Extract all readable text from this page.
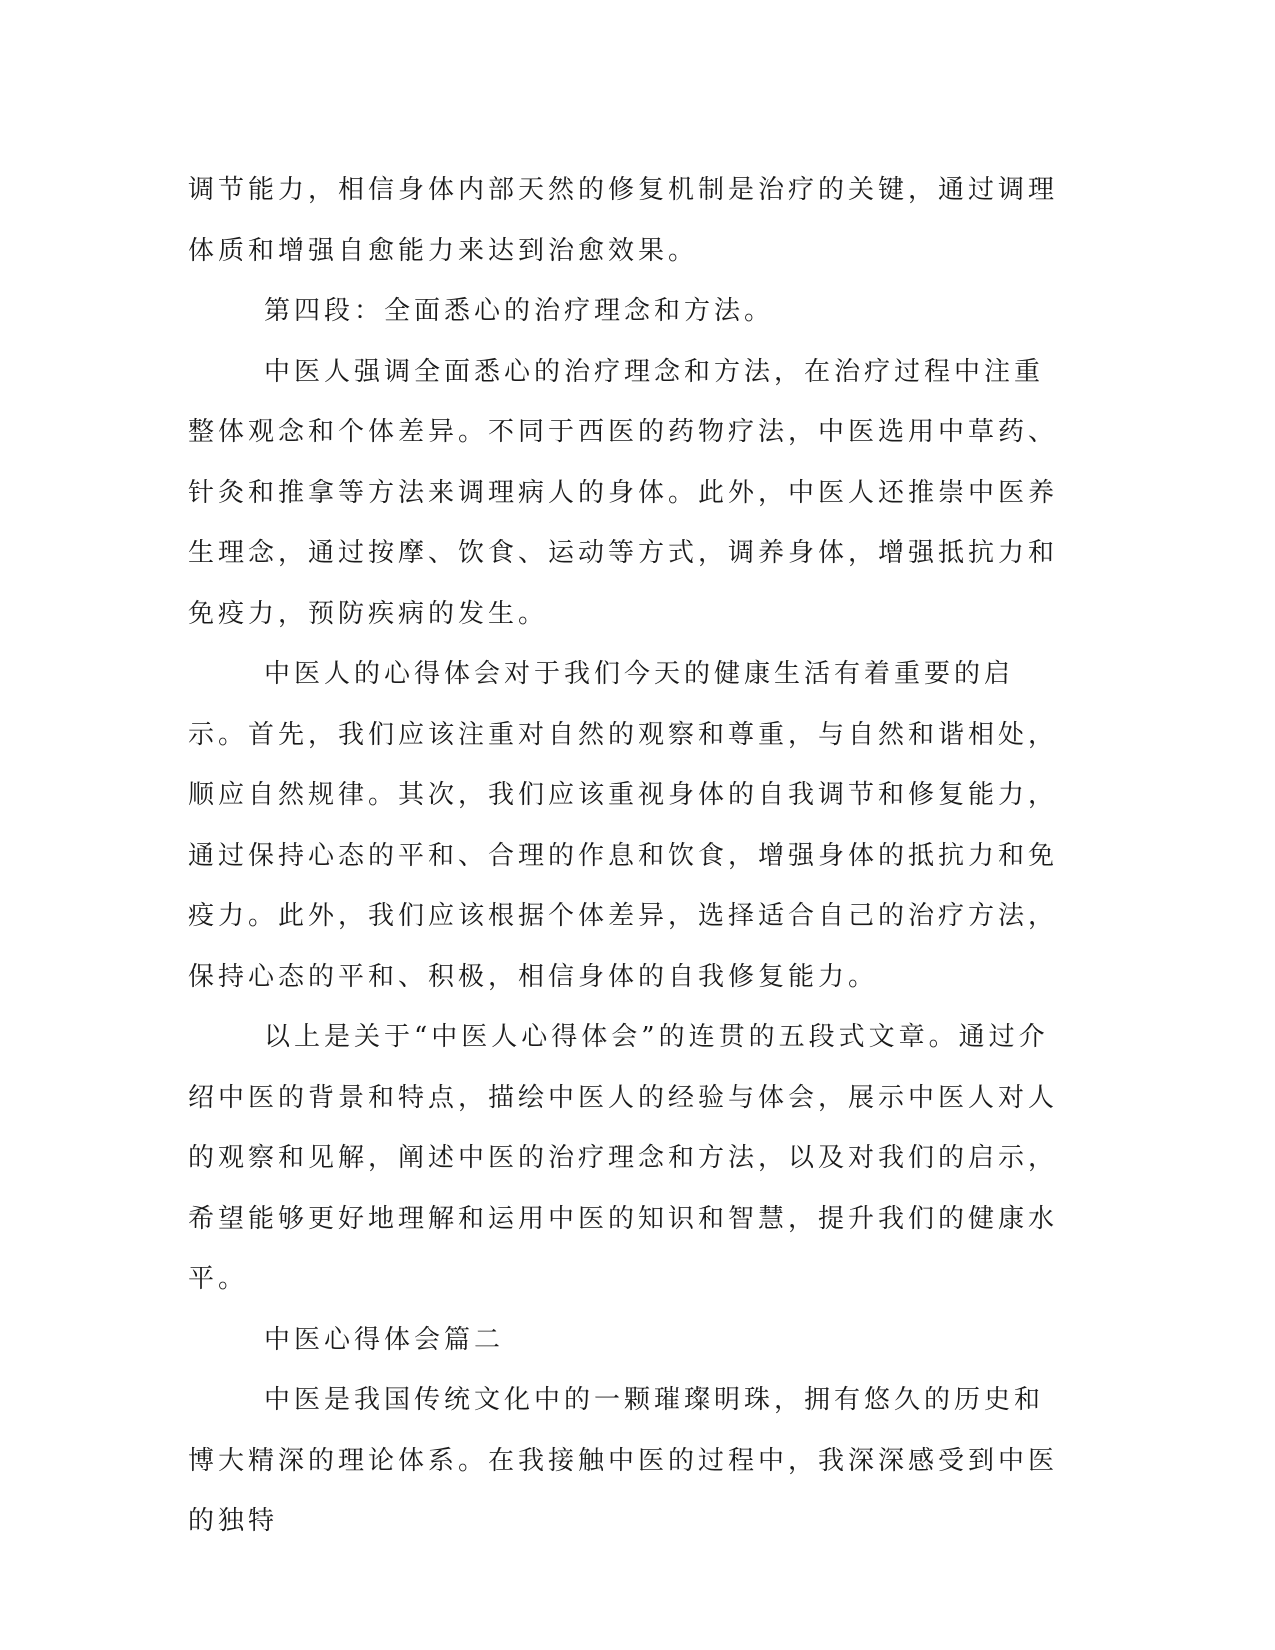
调节能力，相信身体内部天然的修复机制是治疗的关键，通过调理体质和增强自愈能力来达到治愈效果。

第四段：全面悉心的治疗理念和方法。

中医人强调全面悉心的治疗理念和方法，在治疗过程中注重整体观念和个体差异。不同于西医的药物疗法，中医选用中草药、针灸和推拿等方法来调理病人的身体。此外，中医人还推崇中医养生理念，通过按摩、饮食、运动等方式，调养身体，增强抵抗力和免疫力，预防疾病的发生。

中医人的心得体会对于我们今天的健康生活有着重要的启示。首先，我们应该注重对自然的观察和尊重，与自然和谐相处，顺应自然规律。其次，我们应该重视身体的自我调节和修复能力，通过保持心态的平和、合理的作息和饮食，增强身体的抵抗力和免疫力。此外，我们应该根据个体差异，选择适合自己的治疗方法，保持心态的平和、积极，相信身体的自我修复能力。

以上是关于“中医人心得体会”的连贯的五段式文章。通过介绍中医的背景和特点，描绘中医人的经验与体会，展示中医人对人的观察和见解，阐述中医的治疗理念和方法，以及对我们的启示，希望能够更好地理解和运用中医的知识和智慧，提升我们的健康水平。

中医心得体会篇二

中医是我国传统文化中的一颗璀璨明珠，拥有悠久的历史和博大精深的理论体系。在我接触中医的过程中，我深深感受到中医的独特
